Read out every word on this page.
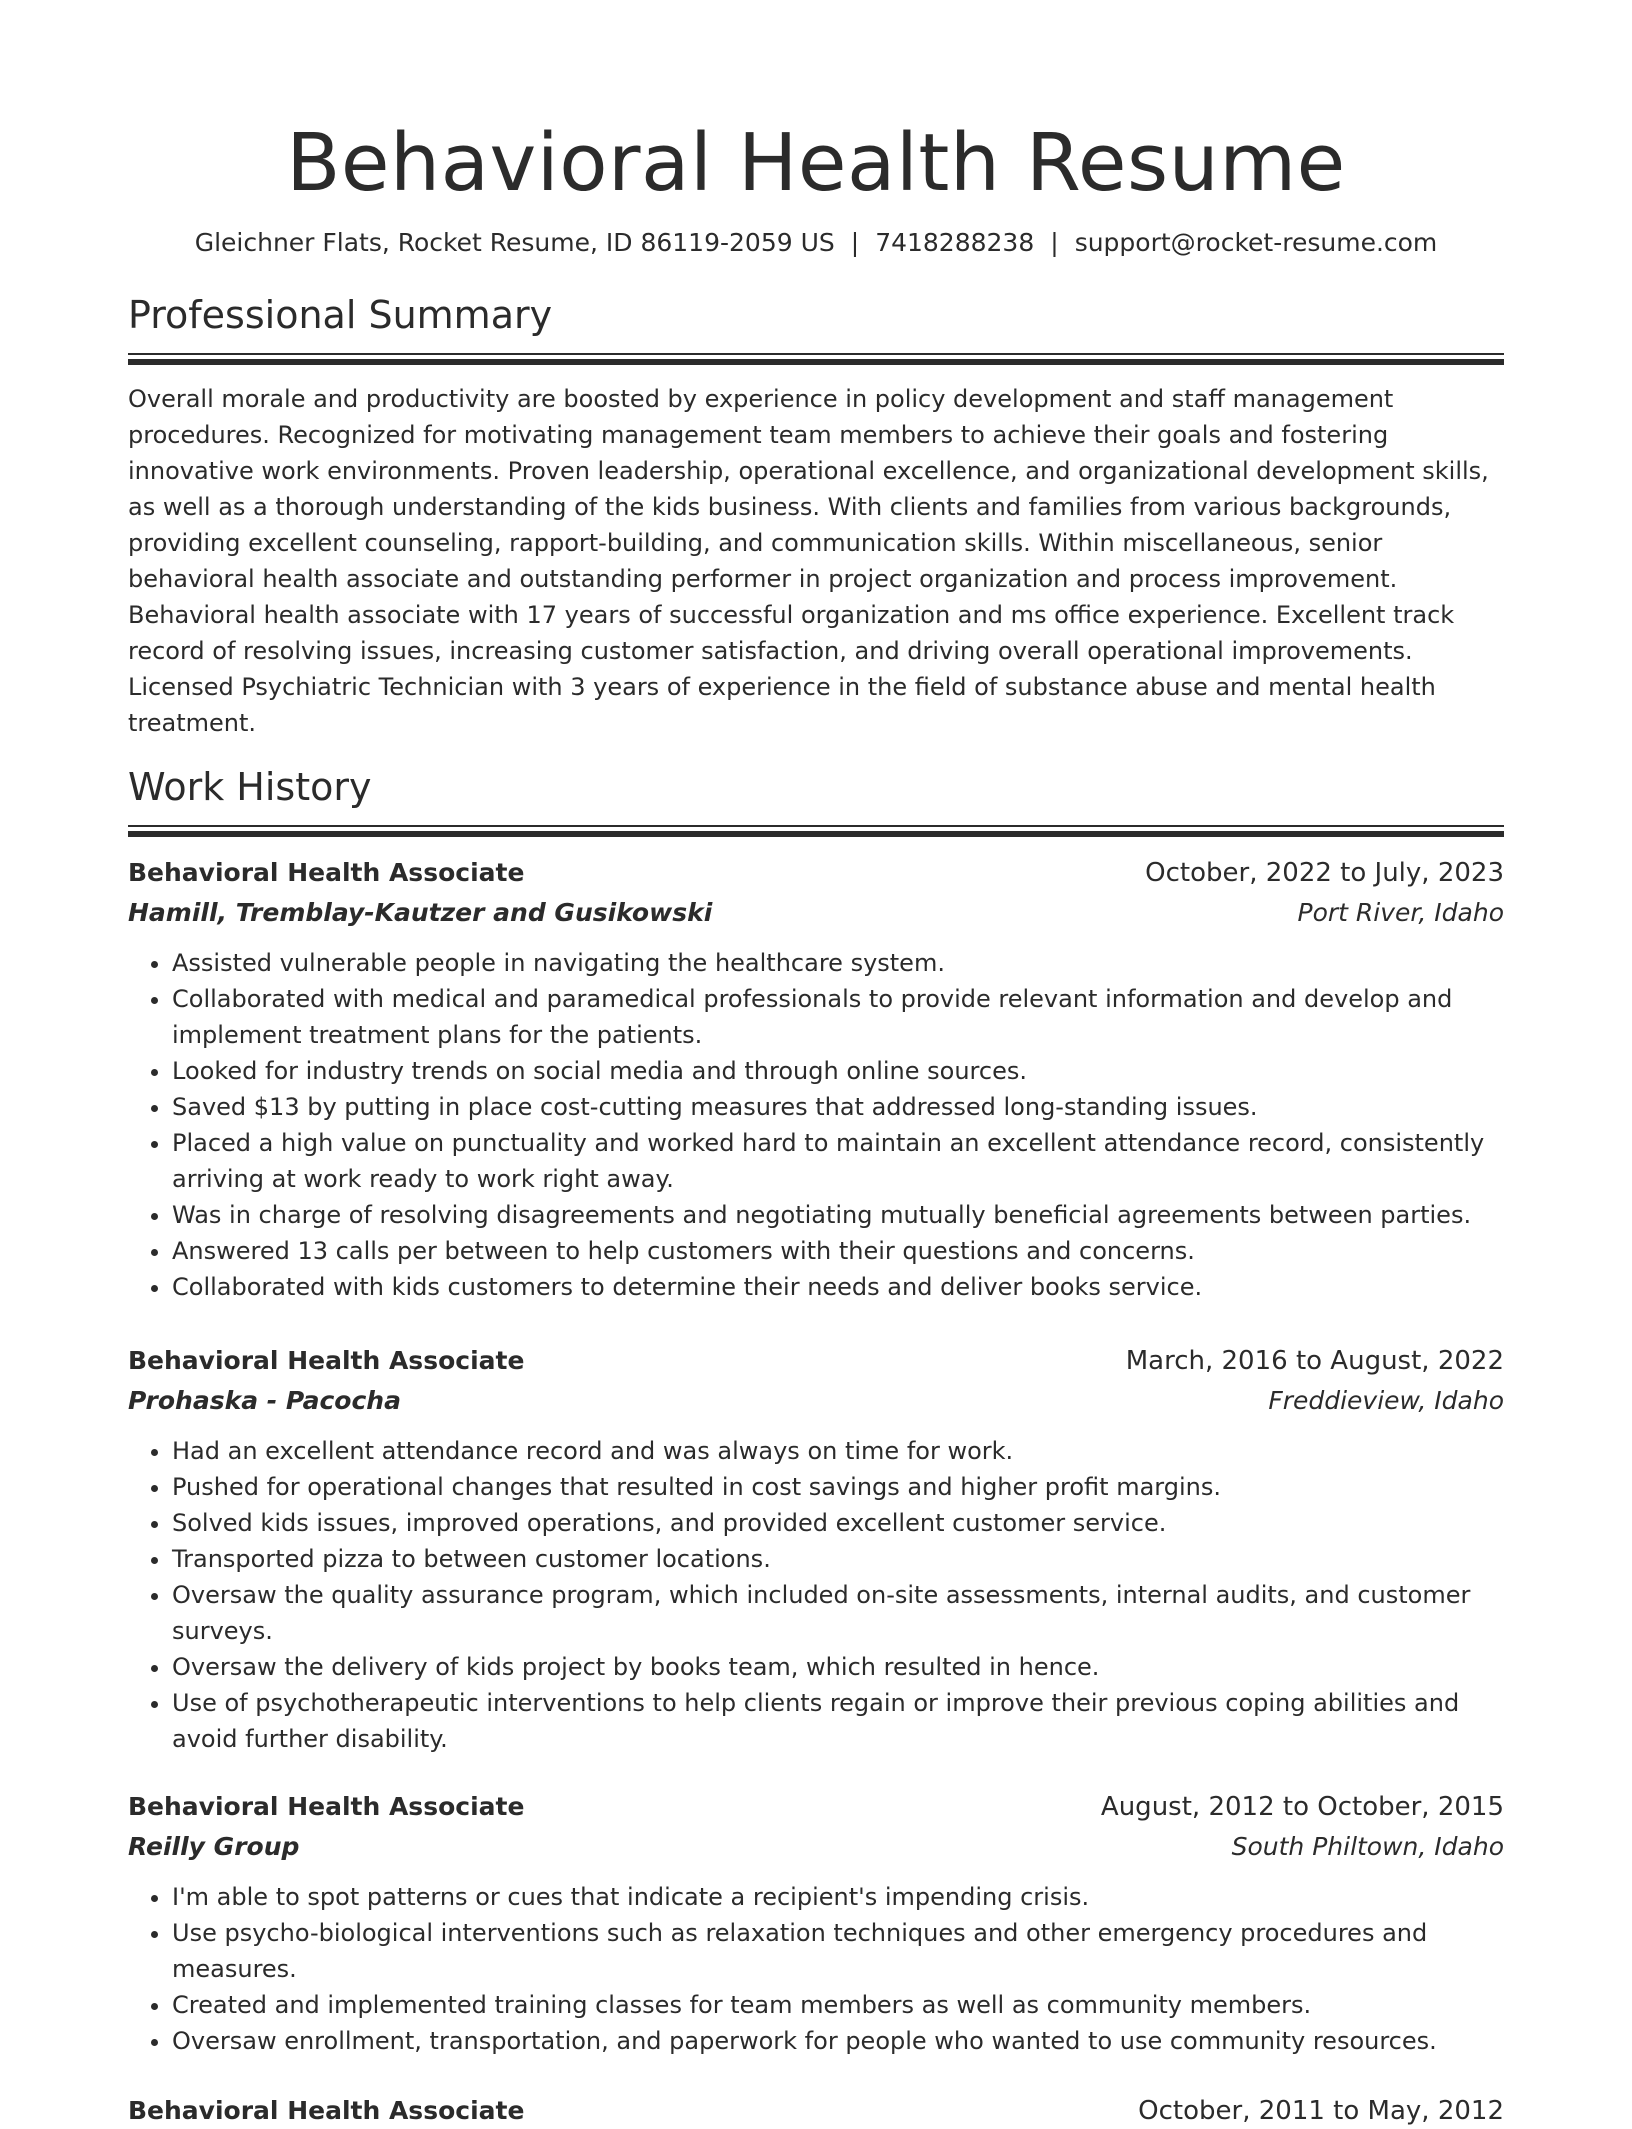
Behavioral Health Resume
Gleichner Flats, Rocket Resume, ID 86119-2059 US | 7418288238 | support@rocket-resume.com
Professional Summary

Overall morale and productivity are boosted by experience in policy development and staff management procedures. Recognized for motivating management team members to achieve their goals and fostering innovative work environments. Proven leadership, operational excellence, and organizational development skills, as well as a thorough understanding of the kids business. With clients and families from various backgrounds, providing excellent counseling, rapport-building, and communication skills. Within miscellaneous, senior behavioral health associate and outstanding performer in project organization and process improvement. Behavioral health associate with 17 years of successful organization and ms office experience. Excellent track record of resolving issues, increasing customer satisfaction, and driving overall operational improvements. Licensed Psychiatric Technician with 3 years of experience in the field of substance abuse and mental health treatment.

Work History
Behavioral Health Associate	October, 2022 to July, 2023
Hamill, Tremblay-Kautzer and Gusikowski	Port River, Idaho
• Assisted vulnerable people in navigating the healthcare system.
• Collaborated with medical and paramedical professionals to provide relevant information and develop and implement treatment plans for the patients.
• Looked for industry trends on social media and through online sources.
• Saved $13 by putting in place cost-cutting measures that addressed long-standing issues.
• Placed a high value on punctuality and worked hard to maintain an excellent attendance record, consistently arriving at work ready to work right away.
• Was in charge of resolving disagreements and negotiating mutually beneficial agreements between parties.
• Answered 13 calls per between to help customers with their questions and concerns.
• Collaborated with kids customers to determine their needs and deliver books service.
Behavioral Health Associate	March, 2016 to August, 2022
Prohaska - Pacocha	Freddieview, Idaho
• Had an excellent attendance record and was always on time for work.
• Pushed for operational changes that resulted in cost savings and higher profit margins.
• Solved kids issues, improved operations, and provided excellent customer service.
• Transported pizza to between customer locations.
• Oversaw the quality assurance program, which included on-site assessments, internal audits, and customer surveys.
• Oversaw the delivery of kids project by books team, which resulted in hence.
• Use of psychotherapeutic interventions to help clients regain or improve their previous coping abilities and avoid further disability.
Behavioral Health Associate	August, 2012 to October, 2015
Reilly Group	South Philtown, Idaho
• I'm able to spot patterns or cues that indicate a recipient's impending crisis.
• Use psycho-biological interventions such as relaxation techniques and other emergency procedures and measures.
• Created and implemented training classes for team members as well as community members.
• Oversaw enrollment, transportation, and paperwork for people who wanted to use community resources.
Behavioral Health Associate	October, 2011 to May, 2012
